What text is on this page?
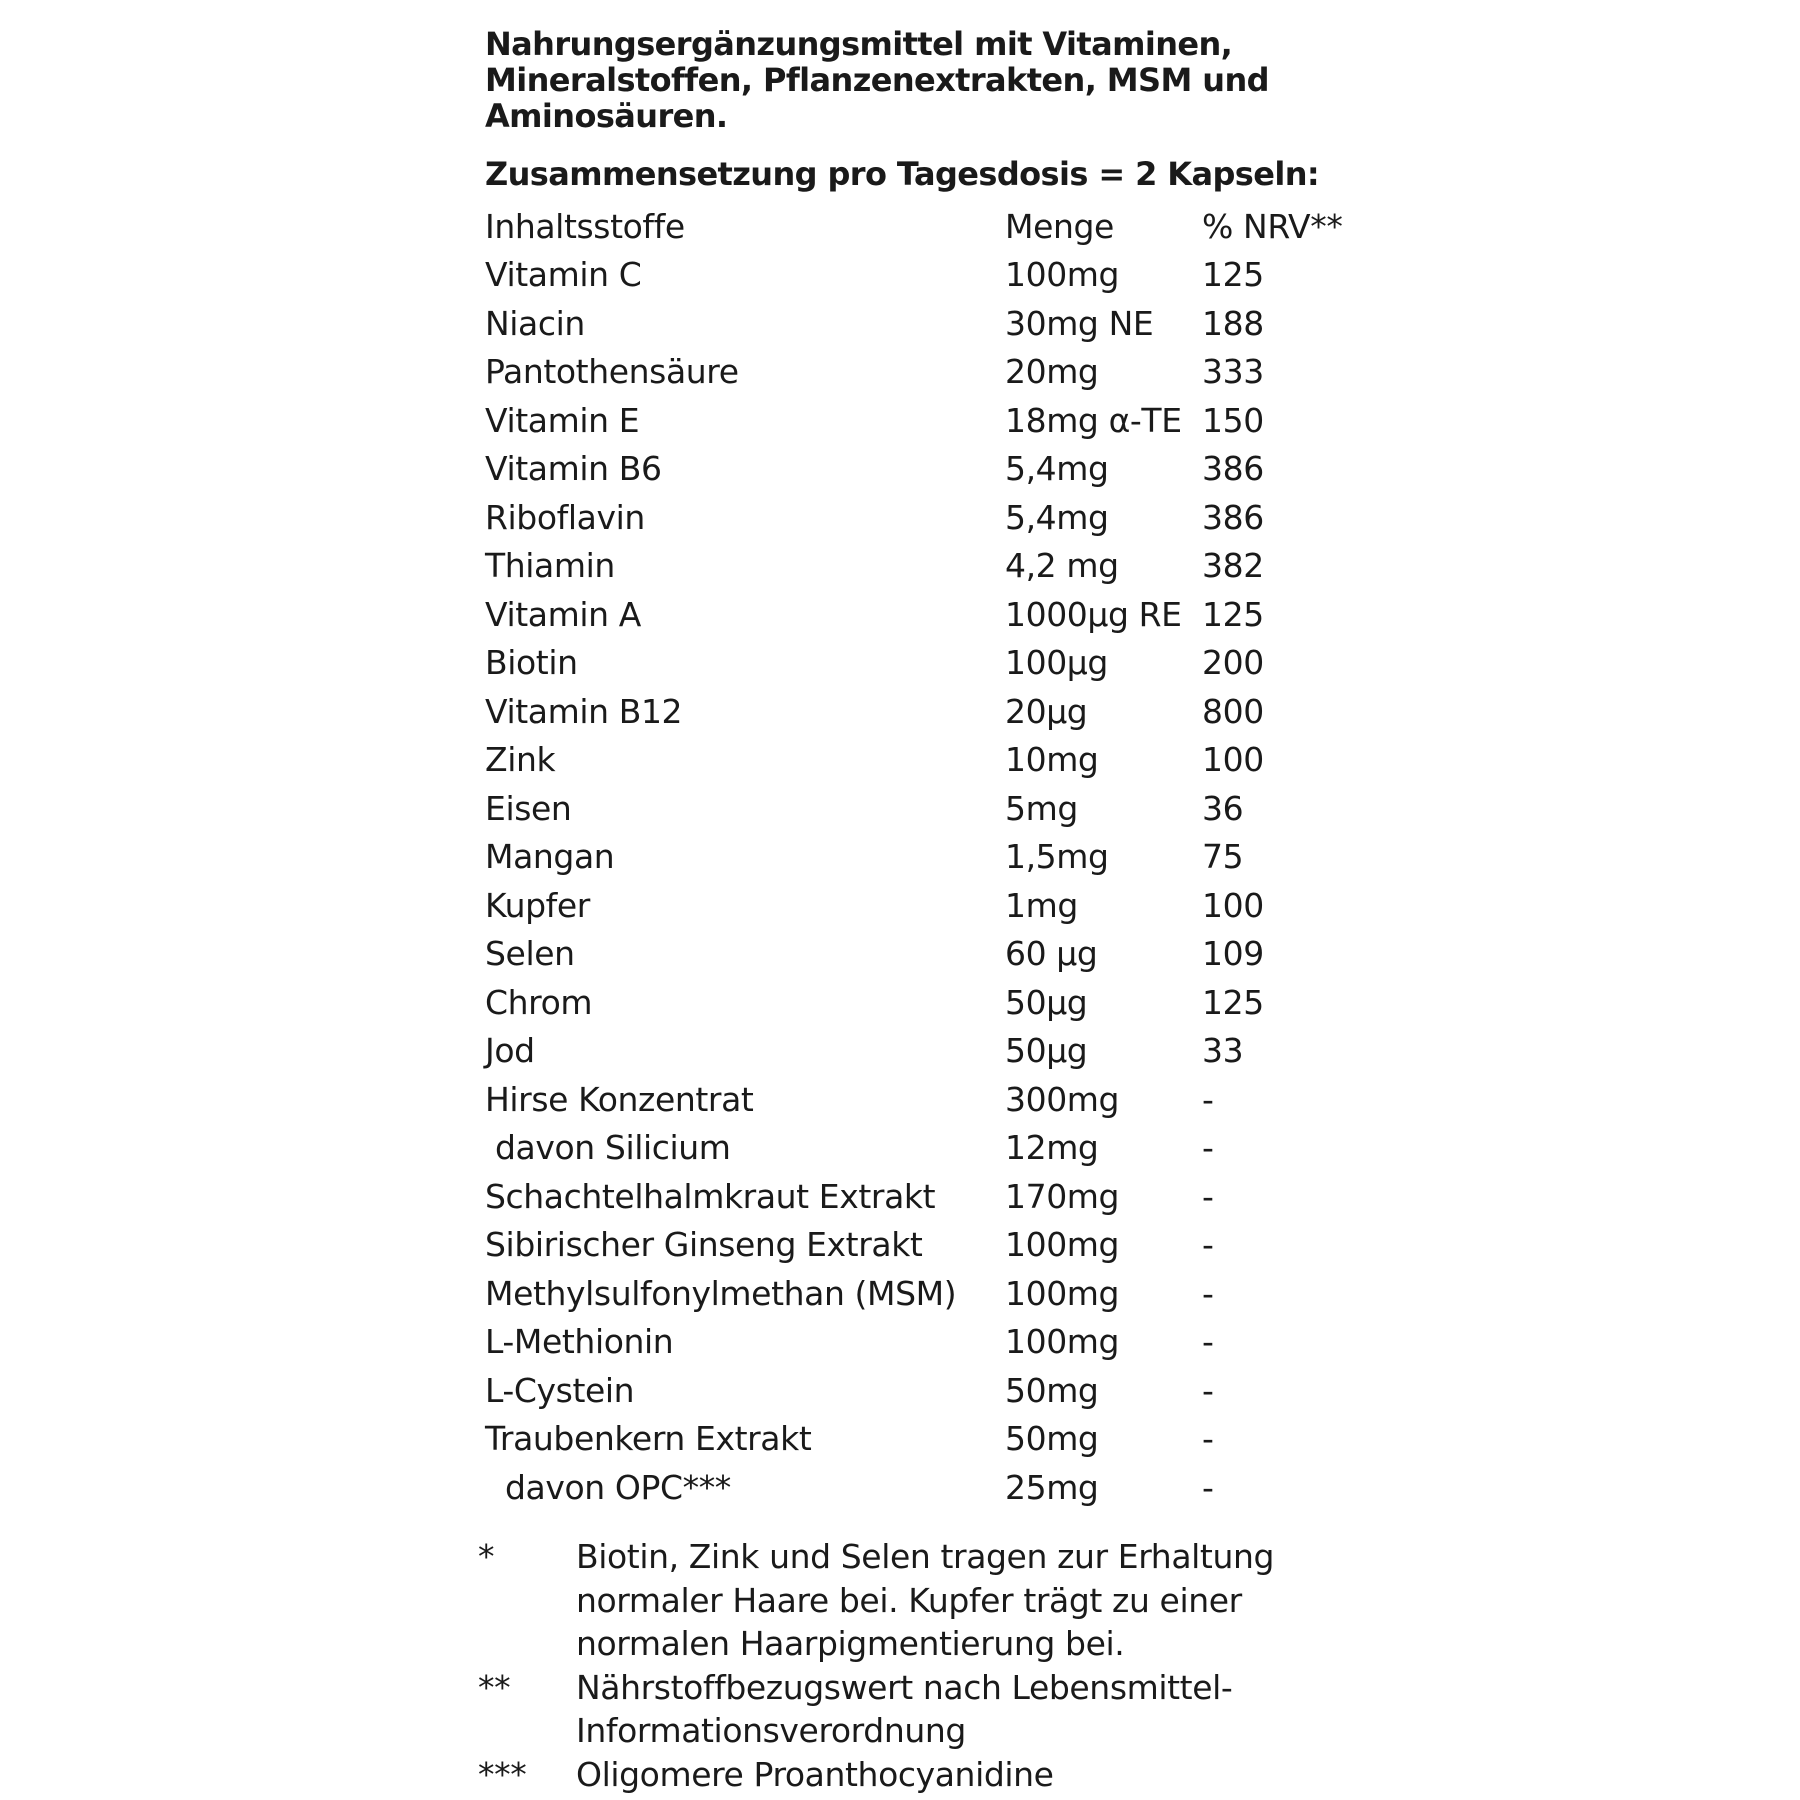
Nahrungsergänzungsmittel mit Vitaminen, Mineralstoffen, Pflanzenextrakten, MSM und Aminosäuren.

Zusammensetzung pro Tagesdosis = 2 Kapseln:

Inhaltsstoffe	Menge	% NRV**
Vitamin C	100mg	125
Niacin	30mg NE	188
Pantothensäure	20mg	333
Vitamin E	18mg α-TE 150
Vitamin B6	5,4mg	386
Riboflavin	5,4mg	386
Thiamin	4,2 mg	382
Vitamin A	1000µg RE 125
Biotin	100µg	200
Vitamin B12	20µg	800
Zink	10mg	100
Eisen	5mg	36
Mangan	1,5mg	75
Kupfer	1mg	100
Selen	60 µg	109
Chrom	50µg	125
Jod	50µg	33
Hirse Konzentrat	300mg	-
davon Silicium	12mg	-
Schachtelhalmkraut Extrakt	170mg	-
Sibirischer Ginseng Extrakt	100mg	-
Methylsulfonylmethan (MSM)	100mg	-
L-Methionin	100mg	-
L-Cystein	50mg	-
Traubenkern Extrakt	50mg	-
davon OPC***	25mg	-
*	Biotin, Zink und Selen tragen zur Erhaltung normaler Haare bei. Kupfer trägt zu einer normalen Haarpigmentierung bei.
**	Nährstoffbezugswert nach Lebensmittel-Informationsverordnung
***	Oligomere Proanthocyanidine
